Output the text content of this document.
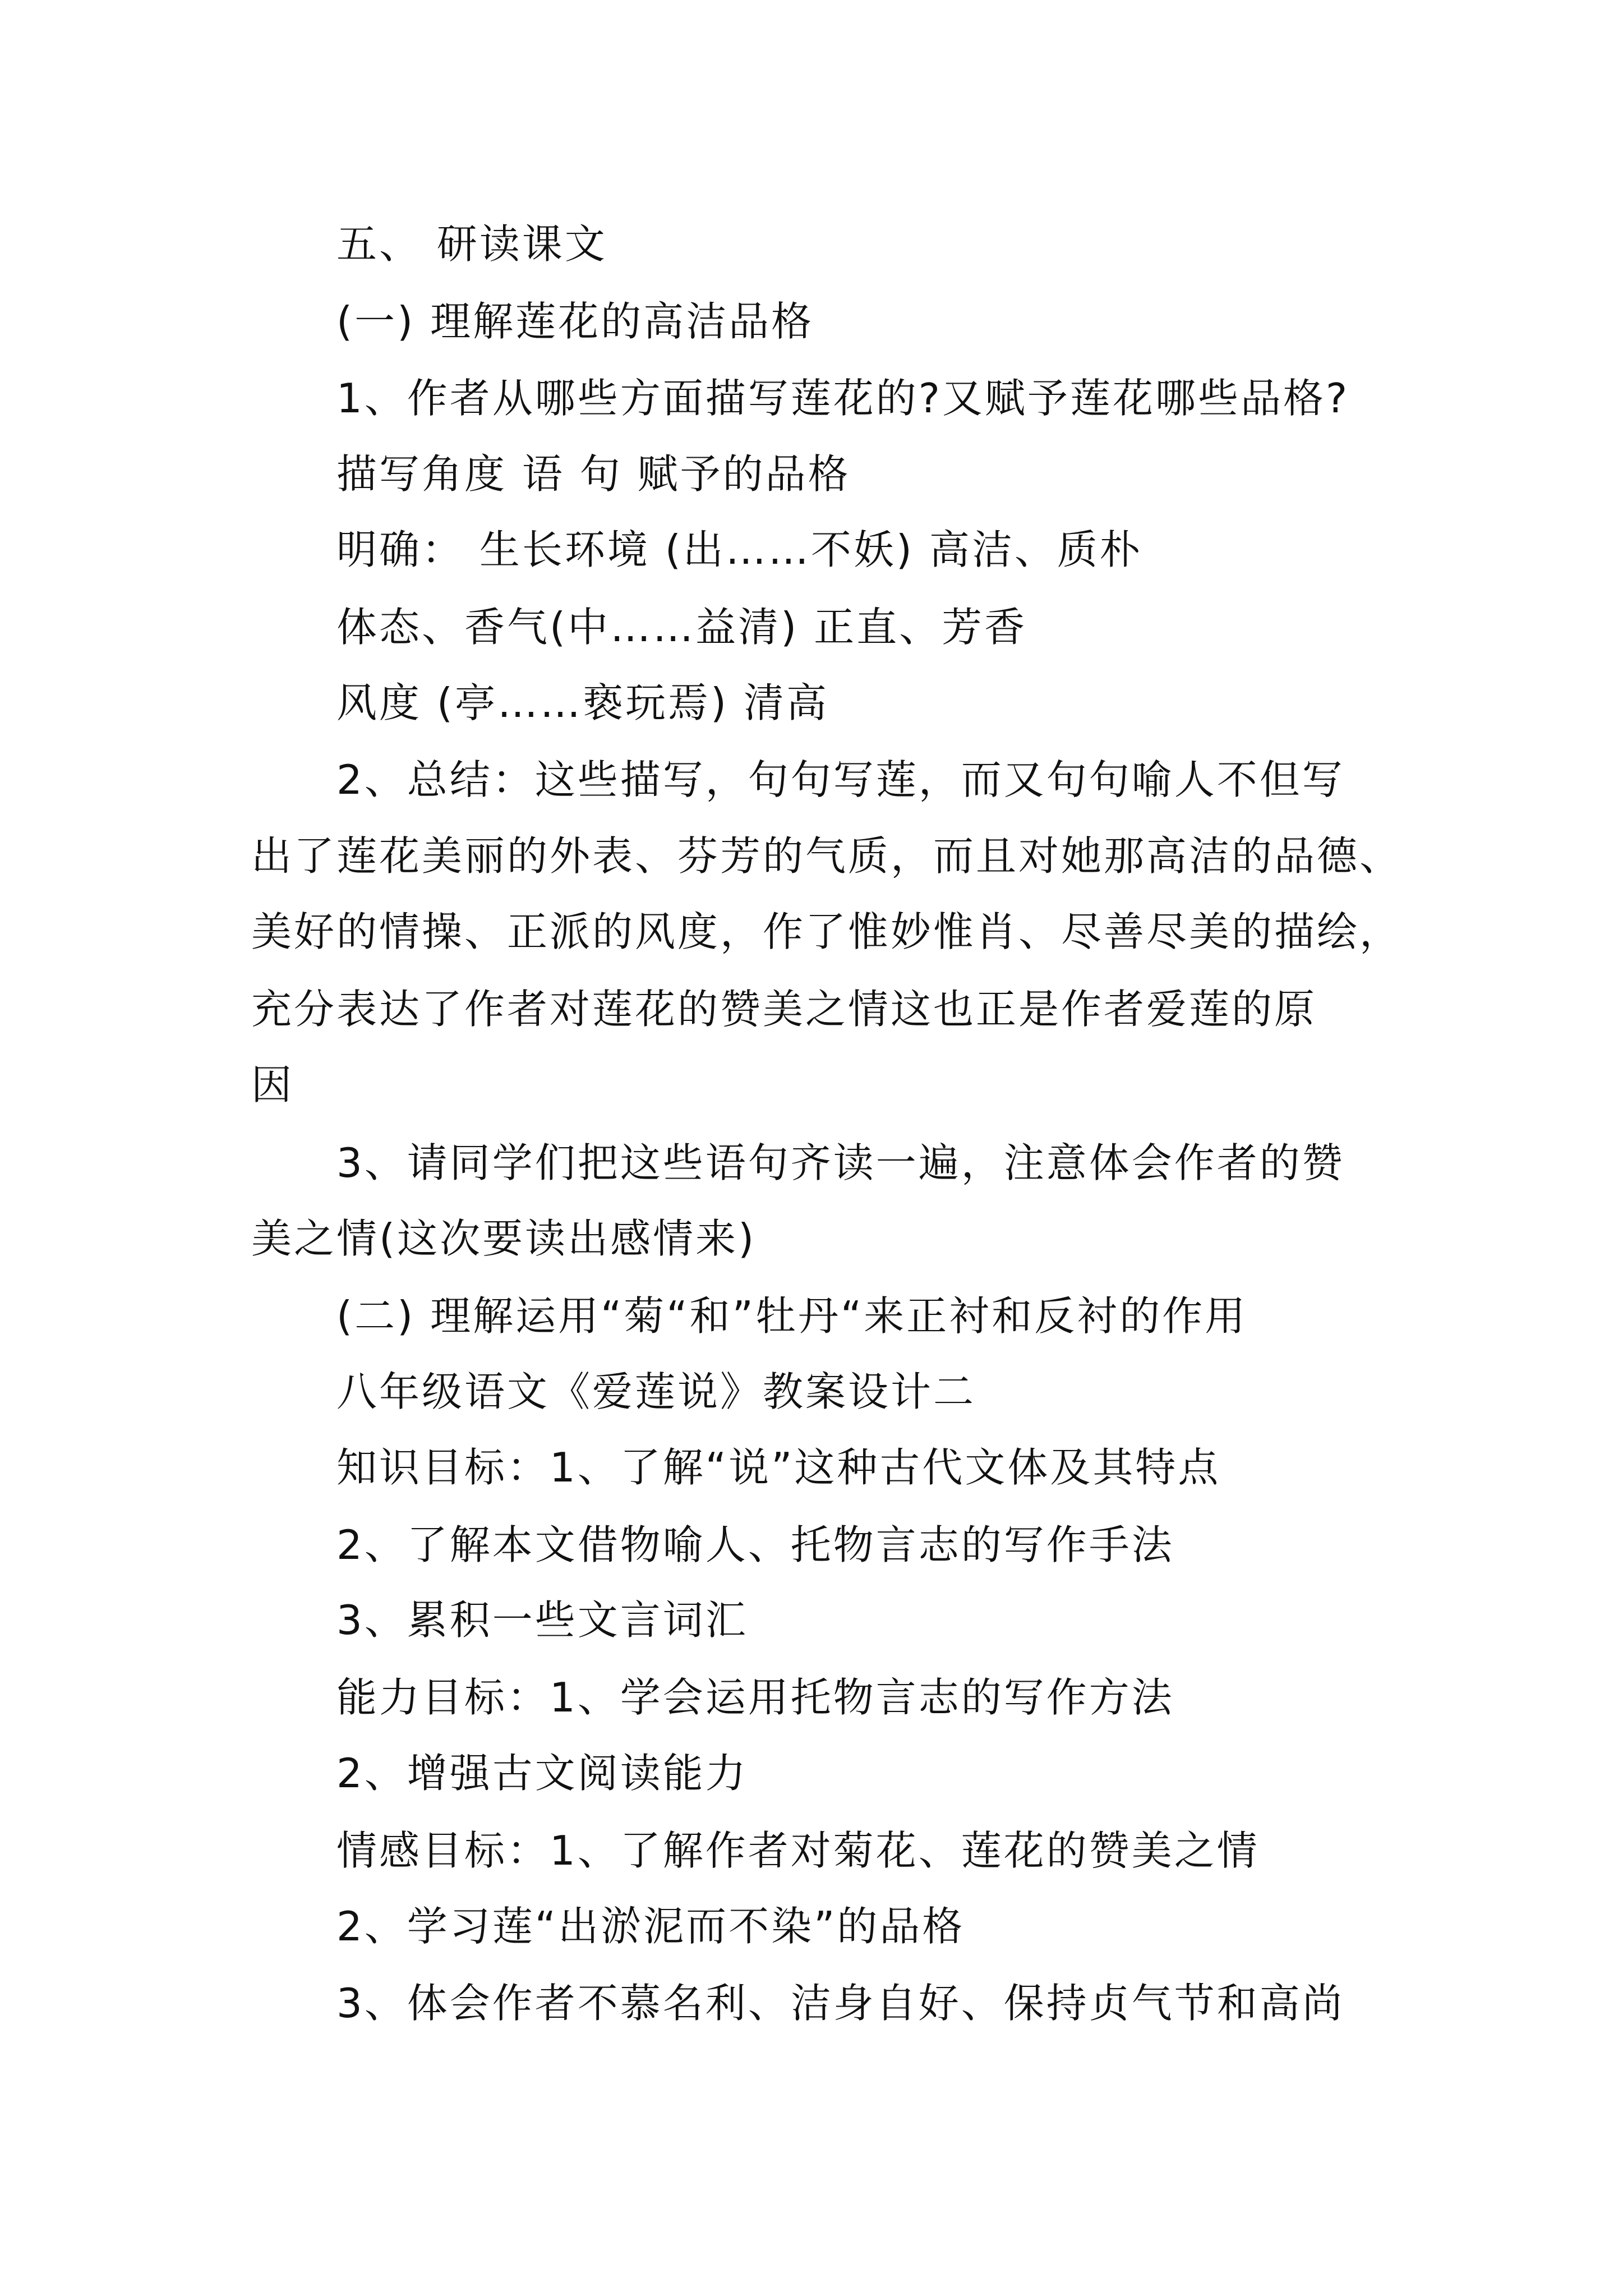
五、 研读课文

(一) 理解莲花的高洁品格

1、作者从哪些方面描写莲花的?又赋予莲花哪些品格?

描写角度 语 句 赋予的品格

明确： 生长环境 (出……不妖) 高洁、质朴

体态、香气(中……益清) 正直、芳香

风度 (亭……亵玩焉) 清高

2、总结：这些描写，句句写莲，而又句句喻人不但写

出了莲花美丽的外表、芬芳的气质，而且对她那高洁的品德、

美好的情操、正派的风度，作了惟妙惟肖、尽善尽美的描绘，

充分表达了作者对莲花的赞美之情这也正是作者爱莲的原

因

3、请同学们把这些语句齐读一遍，注意体会作者的赞

美之情(这次要读出感情来)

(二) 理解运用“菊“和”牡丹“来正衬和反衬的作用

八年级语文《爱莲说》教案设计二

知识目标：1、了解“说”这种古代文体及其特点

2、了解本文借物喻人、托物言志的写作手法

3、累积一些文言词汇

能力目标：1、学会运用托物言志的写作方法

2、增强古文阅读能力

情感目标：1、了解作者对菊花、莲花的赞美之情

2、学习莲“出淤泥而不染”的品格

3、体会作者不慕名利、洁身自好、保持贞气节和高尚
